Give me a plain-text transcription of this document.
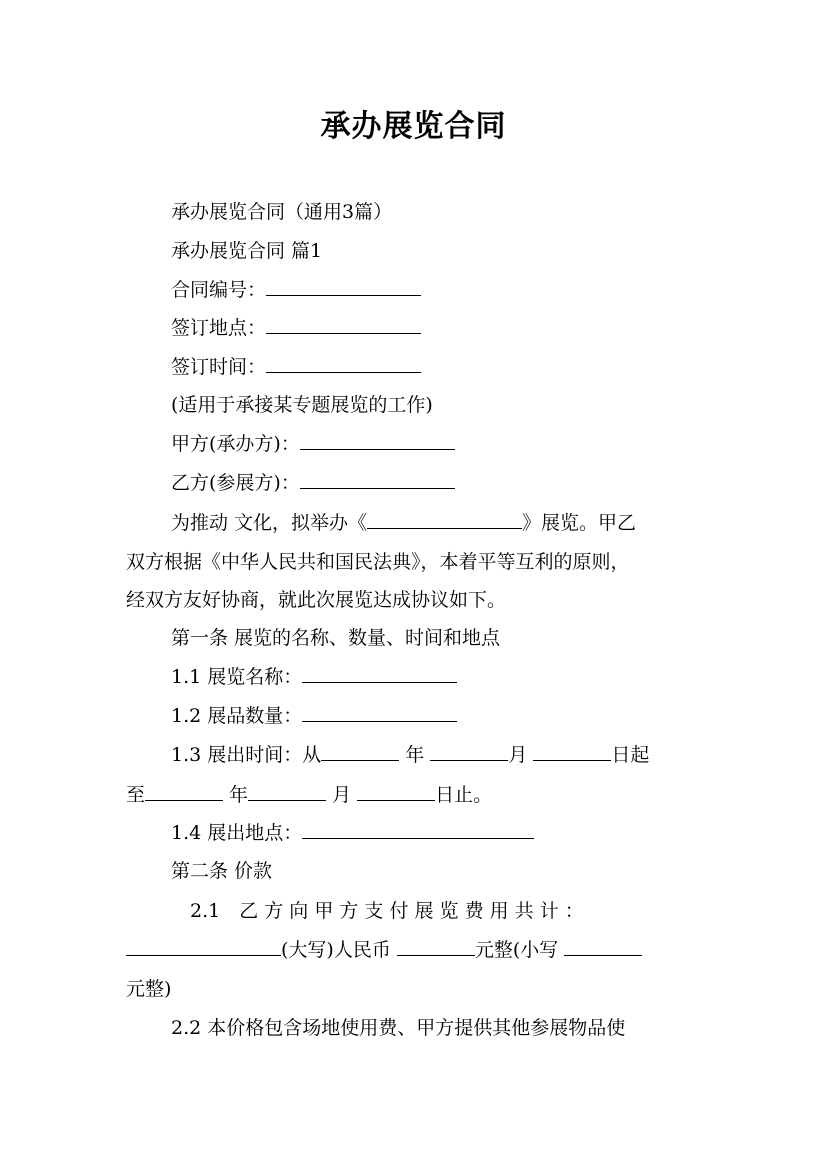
承办展览合同
承办展览合同（通用3篇）
承办展览合同 篇1
合同编号：
签订地点：
签订时间：
(适用于承接某专题展览的工作)
甲方(承办方)：
乙方(参展方)：
为推动 文化，拟举办《	》展览。甲乙
双方根据《中华人民共和国民法典》，本着平等互利的原则，
经双方友好协商，就此次展览达成协议如下。
第一条 展览的名称、数量、时间和地点
1.1 展览名称：
1.2 展品数量：
1.3 展出时间：从	年	月	日起
至	年	月	日止。
1.4 展出地点：
第二条 价款
2.1　乙 方 向 甲 方 支 付 展 览 费 用 共 计 ：
(大写)人民币	元整(小写
元整)
2.2 本价格包含场地使用费、甲方提供其他参展物品使
